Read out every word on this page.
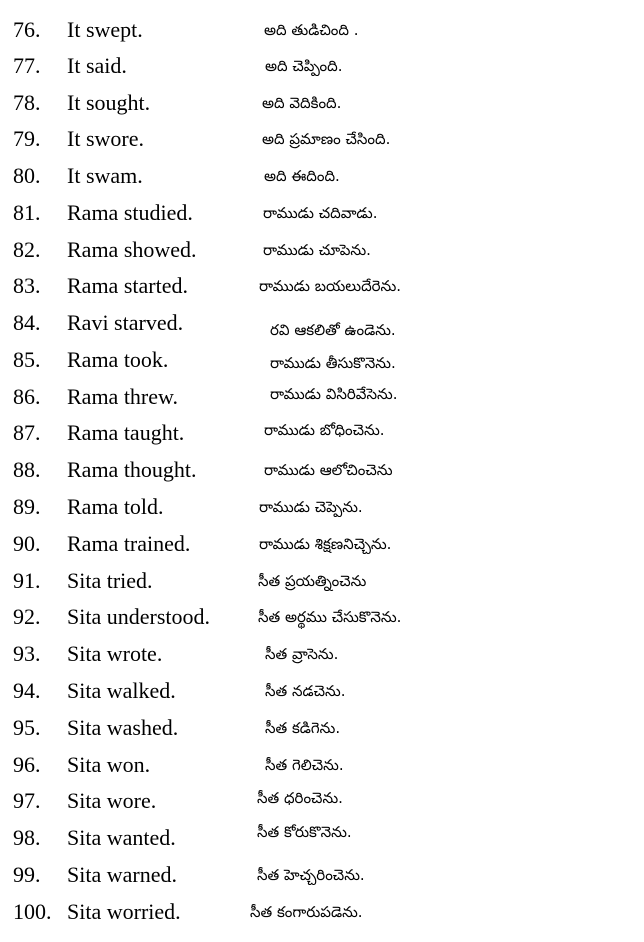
76. It swept.	అది తుడిచింది .
77. It said.	అది చెప్పింది.
78. It sought.	అది వెదికింది.
79. It swore.	అది ప్రమాణం చేసింది.
80. It swam.	అది ఈదింది.
81. Rama studied.	రాముడు చదివాడు.
82. Rama showed.	రాముడు చూపెను.
83. Rama started.	రాముడు బయలుదేరెను.
84. Ravi starved.	రవి ఆకలితో ఉండెను.
85. Rama took.	రాముడు తీసుకొనెను.
86. Rama threw.	రాముడు విసిరివేసెను.
87. Rama taught.	రాముడు బోధించెను.
88. Rama thought.	రాముడు ఆలోచించెను
89. Rama told.	రాముడు చెప్పెను.
90. Rama trained.	రాముడు శిక్షణనిచ్చెను.
91. Sita tried.	సీత ప్రయత్నించెను
92. Sita understood.	సీత అర్థము చేసుకొనెను.
93. Sita wrote.	సీత వ్రాసెను.
94. Sita walked.	సీత నడచెను.
95. Sita washed.	సీత కడిగెను.
96. Sita won.	సీత గెలిచెను.
97. Sita wore.	సీత ధరించెను.
98. Sita wanted.	సీత కోరుకొనెను.
99. Sita warned.	సీత హెచ్చరించెను.
100. Sita worried.	సీత కంగారుపడెను.
